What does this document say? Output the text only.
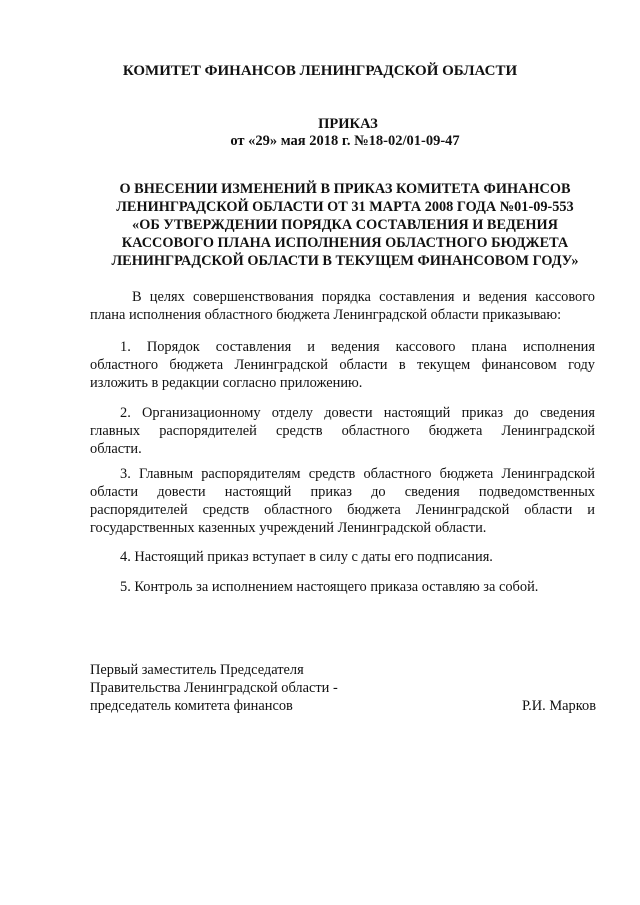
КОМИТЕТ ФИНАНСОВ ЛЕНИНГРАДСКОЙ ОБЛАСТИ
ПРИКАЗ
от «29» мая 2018 г. №18-02/01-09-47
О ВНЕСЕНИИ ИЗМЕНЕНИЙ В ПРИКАЗ КОМИТЕТА ФИНАНСОВ
ЛЕНИНГРАДСКОЙ ОБЛАСТИ ОТ 31 МАРТА 2008 ГОДА №01-09-553
«ОБ УТВЕРЖДЕНИИ ПОРЯДКА СОСТАВЛЕНИЯ И ВЕДЕНИЯ
КАССОВОГО ПЛАНА ИСПОЛНЕНИЯ ОБЛАСТНОГО БЮДЖЕТА
ЛЕНИНГРАДСКОЙ ОБЛАСТИ В ТЕКУЩЕМ ФИНАНСОВОМ ГОДУ»
В целях совершенствования порядка составления и ведения кассового
плана исполнения областного бюджета Ленинградской области приказываю:
1. Порядок составления и ведения кассового плана исполнения
областного бюджета Ленинградской области в текущем финансовом году
изложить в редакции согласно приложению.
2. Организационному отделу довести настоящий приказ до сведения
главных распорядителей средств областного бюджета Ленинградской
области.
3. Главным распорядителям средств областного бюджета Ленинградской
области довести настоящий приказ до сведения подведомственных
распорядителей средств областного бюджета Ленинградской области и
государственных казенных учреждений Ленинградской области.
4. Настоящий приказ вступает в силу с даты его подписания.
5. Контроль за исполнением настоящего приказа оставляю за собой.
Первый заместитель Председателя
Правительства Ленинградской области -
председатель комитета финансов	Р.И. Марков
